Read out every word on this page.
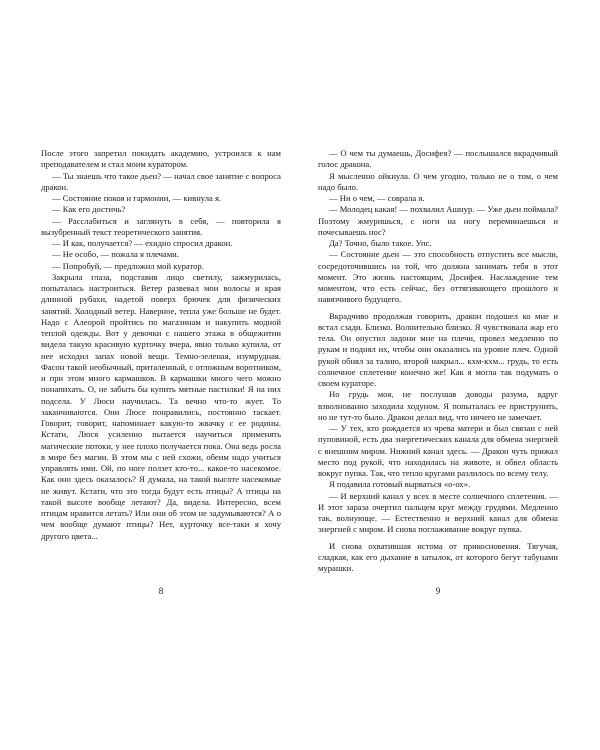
После этого запретил покидать академию, устроился к нам преподавателем и стал моим куратором.

— Ты знаешь что такое дьен? — начал свое занятие с вопроса дракон.

— Состояние покоя и гармонии, — кивнула я.

— Как его достичь?

— Расслабиться и заглянуть в себя, — повторила я вызубренный текст теоретического занятия.

— И как, получается? — ехидно спросил дракон.

— Не особо, — пожала я плечами.

— Попробуй, — предложил мой куратор.

Закрыла глаза, подставив лицо светилу, зажмурилась, попыталась настроиться. Ветер развевал мои волосы и края длинной рубахи, надетой поверх брючек для физических занятий. Холодный ветер. Наверное, тепла уже больше не будет. Надо с Алеорой пройтись по магазинам и накупить модной теплой одежды. Вот у девочки с нашего этажа в общежитии видела такую красивую курточку вчера, явно только купила, от нее исходил запах новой вещи. Темно-зеленая, изумрудная. Фасон такой необычный, приталенный, с отложным воротником, и при этом много кармашков. В кармашки много чего можно понапихать. О, не забыть бы купить мятные пастилки! Я на них подсела. У Люси научилась. Та вечно что-то жует. То заканчиваются. Они Люсе понравились, постоянно таскает. Говорит, говорит, напоминает какую-то жвачку с ее родины. Кстати, Люся усиленно пытается научиться применять магические потоки, у нее плохо получается пока. Она ведь росла в мире без магии. В этом мы с ней схожи, обеим надо учиться управлять ими. Ой, по ноге ползет кто-то... какое-то насекомое. Как оно здесь оказалось? Я думала, на такой высоте насекомые не живут. Кстати, что это тогда будут есть птицы? А птицы на такой высоте вообще летают? Да, видела. Интересно, всем птицам нравится летать? Или они об этом не задумываются? А о чем вообще думают птицы? Нет, курточку все-таки я хочу другого цвета...

8

— О чем ты думаешь, Досифея? — послышался вкрадчивый голос дракона.

Я мысленно ойкнула. О чем угодно, только не о том, о чем надо было.

— Ни о чем, — соврала я.

— Молодец какая! — похвалил Ашнур. — Уже дьен поймала? Поэтому жмуришься, с ноги на ногу переминаешься и почесываешь нос?

Да? Точно, было такое. Упс.

— Состояние дьен — это способность отпустить все мысли, сосредоточившись на той, что должна занимать тебя в этот момент. Это жизнь настоящим, Досифея. Наслаждение тем моментом, что есть сейчас, без оттягивающего прошлого и навязчивого будущего.

Вкрадчиво продолжая говорить, дракон подошел ко мне и встал сзади. Близко. Волнительно близко. Я чувствовала жар его тела. Он опустил ладони мне на плечи, провел медленно по рукам и поднял их, чтобы они оказались на уровне плеч. Одной рукой обнял за талию, второй накрыл... кхм-кхм... грудь, то есть солнечное сплетение конечно же! Как я могла так подумать о своем кураторе.

Но грудь моя, не послушав доводы разума, вдруг взволнованно заходила ходуном. Я попыталась ее приструнить, но не тут-то было. Дракон делал вид, что ничего не замечает.

— У тех, кто рождается из чрева матери и был связан с ней пуповиной, есть два энергетических канала для обмена энергией с внешним миром. Нижний канал здесь. — Дракон чуть прижал место под рукой, что находилась на животе, и обвел область вокруг пупка. Так, что тепло кругами разлилось по всему телу.

Я подавила готовый вырваться «о-ох».

— И верхний канал у всех в месте солнечного сплетения. — И этот зараза очертил пальцем круг между грудями. Медленно так, волнующе. — Естественно и верхний канал для обмена энергией с миром. И снова поглаживание вокруг пупка.

И снова охватившая истома от прикосновения. Тягучая, сладкая, как его дыхание в затылок, от которого бегут табунами мурашки.

9
